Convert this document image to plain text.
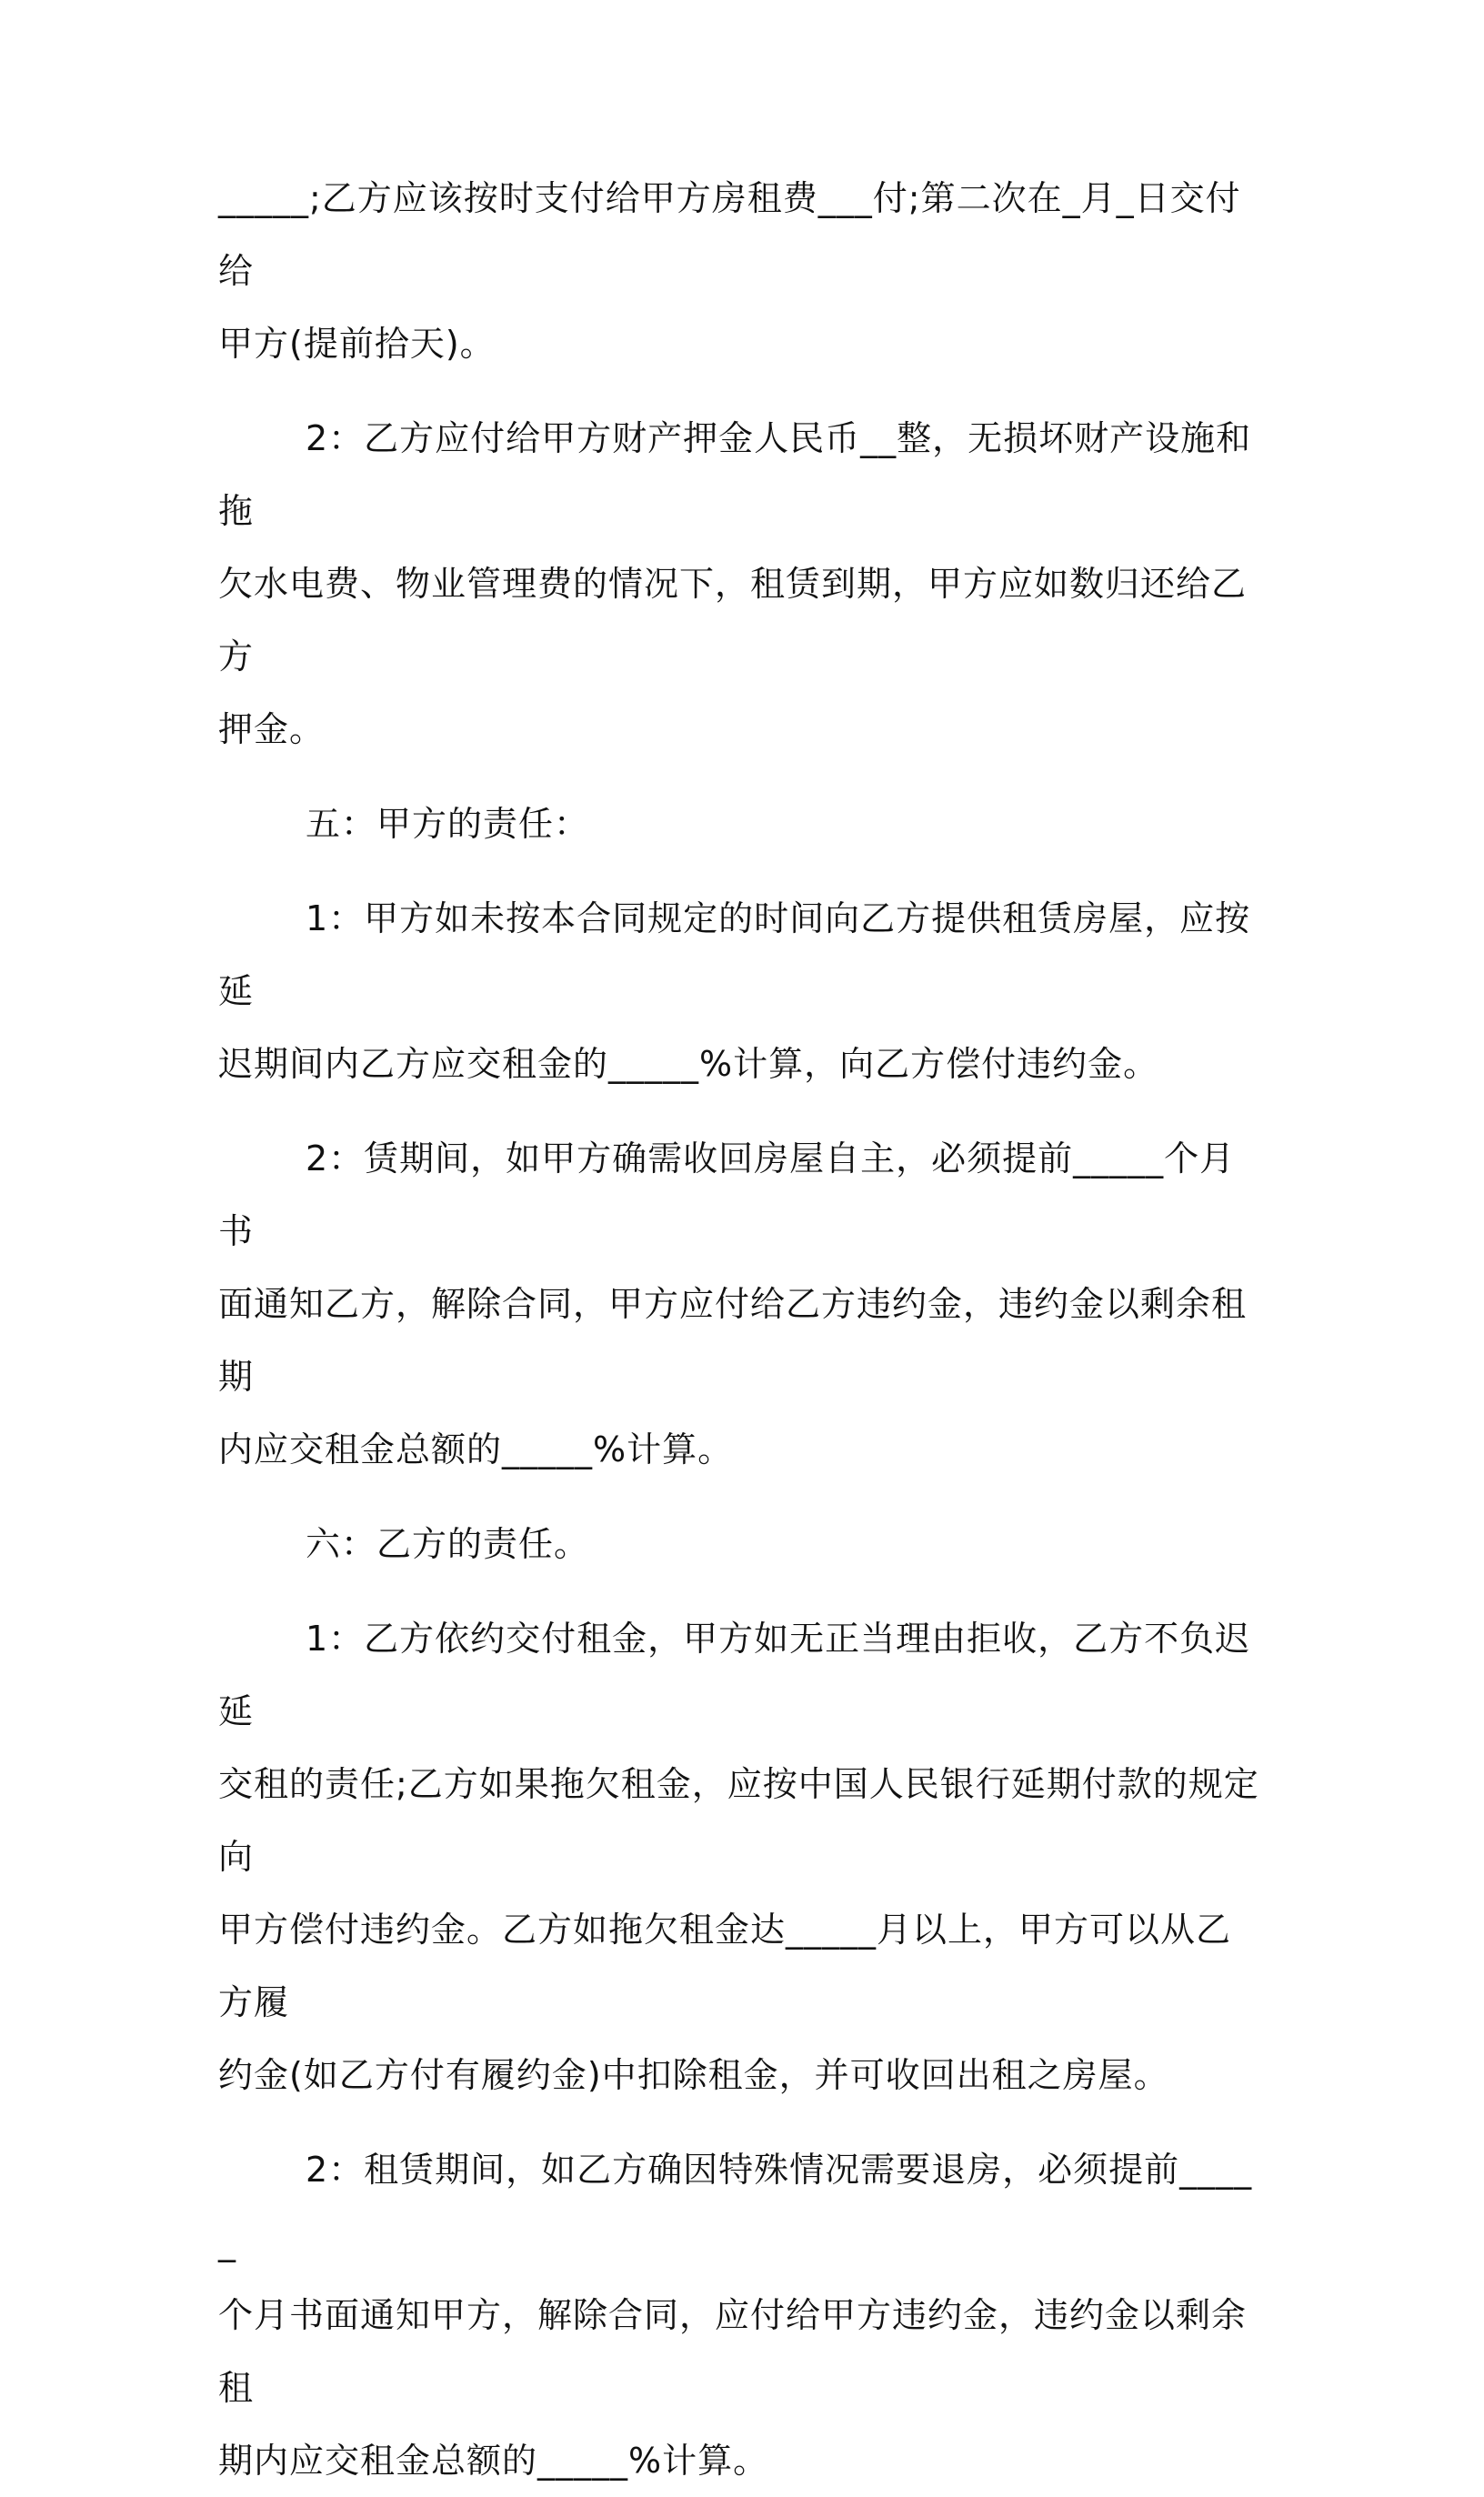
_____;乙方应该按时支付给甲方房租费___付;第二次在_月_日交付给
甲方(提前拾天)。
2：乙方应付给甲方财产押金人民币__整，无损坏财产设施和拖
欠水电费、物业管理费的情况下，租赁到期，甲方应如数归还给乙方
押金。
五：甲方的责任：
1：甲方如未按本合同规定的时间向乙方提供租赁房屋，应按延
迟期间内乙方应交租金的_____%计算，向乙方偿付违约金。
2：赁期间，如甲方确需收回房屋自主，必须提前_____个月书
面通知乙方，解除合同，甲方应付给乙方违约金，违约金以剩余租期
内应交租金总额的_____%计算。
六：乙方的责任。
1：乙方依约交付租金，甲方如无正当理由拒收，乙方不负迟延
交租的责任;乙方如果拖欠租金，应按中国人民银行延期付款的规定向
甲方偿付违约金。乙方如拖欠租金达_____月以上，甲方可以从乙方履
约金(如乙方付有履约金)中扣除租金，并可收回出租之房屋。
2：租赁期间，如乙方确因特殊情况需要退房，必须提前_____
个月书面通知甲方，解除合同，应付给甲方违约金，违约金以剩余租
期内应交租金总额的_____%计算。
